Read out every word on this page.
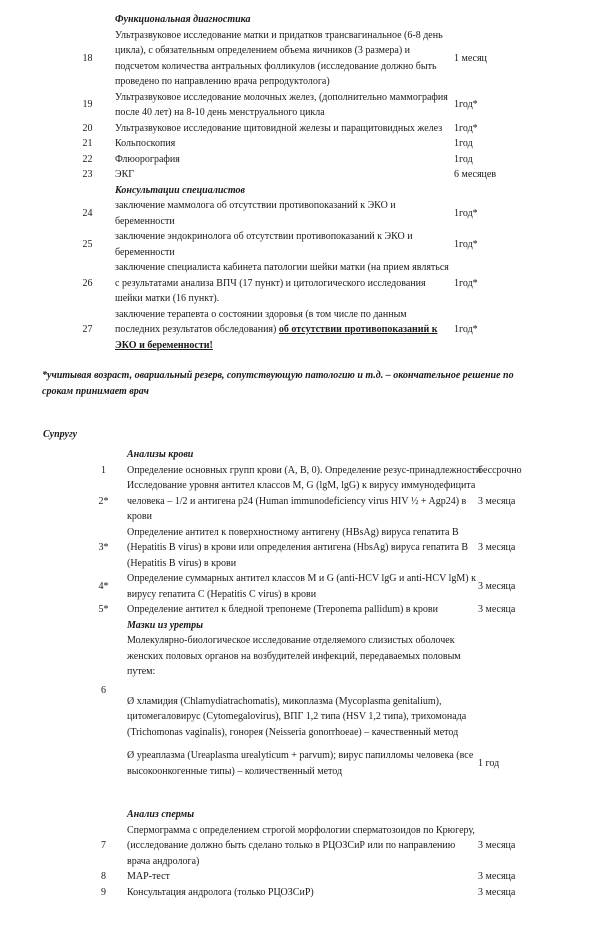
	Функциональная диагностика	
18	Ультразвуковое исследование матки и придатков трансвагинальное (6-8 день цикла), с обязательным определением объема яичников (3 размера) и подсчетом количества антральных фолликулов (исследование должно быть проведено по направлению врача репродуктолога)	1 месяц
19	Ультразвуковое исследование молочных желез, (дополнительно маммография после 40 лет) на 8-10 день менструального цикла	1год*
20	Ультразвуковое исследование щитовидной железы и паращитовидных желез	1год*
21	Кольпоскопия	1год
22	Флюорография	1год
23	ЭКГ	6 месяцев
	Консультации специалистов	
24	заключение маммолога об отсутствии противопоказаний к ЭКО и беременности	1год*
25	заключение эндокринолога об отсутствии противопоказаний к ЭКО и беременности	1год*
26	заключение специалиста кабинета патологии шейки матки (на прием являться с результатами анализа ВПЧ (17 пункт) и цитологического исследования шейки матки (16 пункт).	1год*
27	заключение терапевта о состоянии здоровья (в том числе по данным последних результатов обследования) об отсутствии противопоказаний к ЭКО и беременности!	1год*
*учитывая возраст, овариальный резерв, сопутствующую патологию и т.д. – окончательное решение по срокам принимает врач
Супругу
	Анализы крови	
1	Определение основных групп крови (A, B, 0). Определение резус-принадлежности	бессрочно
2*	Исследование уровня антител классов M, G (lgM, lgG) к вирусу иммунодефицита человека – 1/2 и антигена p24 (Human immunodeficiency virus HIV ½ + Agp24) в крови	3 месяца
3*	Определение антител к поверхностному антигену (HBsAg) вируса гепатита B (Hepatitis B virus) в крови или определения антигена (HbsAg) вируса гепатита B (Hepatitis B virus) в крови	3 месяца
4*	Определение суммарных антител классов M и G (anti-HCV lgG и anti-HCV lgM) к вирусу гепатита C (Hepatitis C virus) в крови	3 месяца
5*	Определение антител к бледной трепонеме (Treponema pallidum) в крови	3 месяца
	Мазки из уретры	
6	Молекулярно-биологическое исследование отделяемого слизистых оболочек женских половых органов на возбудителей инфекций, передаваемых половым путем:

Ø хламидия (Chlamydiatrachomatis), микоплазма (Mycoplasma genitalium), цитомегаловирус (Cytomegalovirus), ВПГ 1,2 типа (HSV 1,2 типа), трихомонада (Trichomonas vaginalis), гонорея (Neisseria gonorrhoeae) – качественный метод	

	Ø уреаплазма (Ureaplasma urealyticum + parvum); вирус папилломы человека (все высокоонкогенные типы) – количественный метод	1 год

	Анализ спермы	
7	Спермограмма с определением строгой морфологии сперматозоидов по Крюгеру, (исследование должно быть сделано только в РЦОЗСиР или по направлению врача андролога)	3 месяца
8	МАР-тест	3 месяца
9	Консультация андролога (только РЦОЗСиР)	3 месяца
